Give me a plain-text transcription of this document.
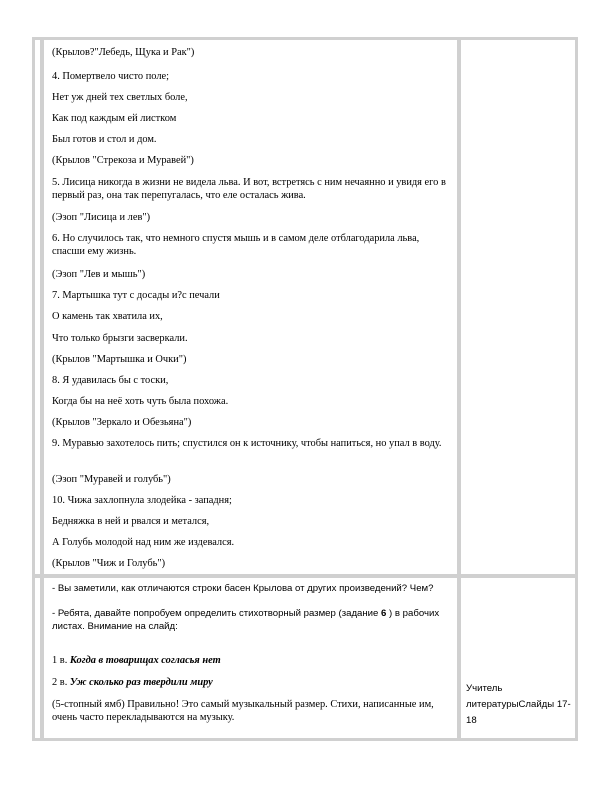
(Крылов?"Лебедь, Щука и Рак")
4. Помертвело чисто поле;
Нет уж дней тех светлых боле,
Как под каждым ей листком
Был готов и стол и дом.
(Крылов "Стрекоза и Муравей")
5. Лисица никогда в жизни не видела льва. И вот, встретясь с ним нечаянно и увидя его в первый раз, она так перепугалась, что еле осталась жива.
(Эзоп "Лисица и лев")
6. Но случилось так, что немного спустя мышь и в самом деле отблагодарила льва, спасши ему жизнь.
(Эзоп "Лев и мышь")
7. Мартышка тут с досады и?с печали
О камень так хватила их,
Что только брызги засверкали.
(Крылов "Мартышка и Очки")
8. Я удавилась бы с тоски,
Когда бы на неё хоть чуть была похожа.
(Крылов "Зеркало и Обезьяна")
9. Муравью захотелось пить; спустился он к источнику, чтобы напиться, но упал в воду.
(Эзоп "Муравей и голубь")
10. Чижа захлопнула злодейка - западня;
Бедняжка в ней и рвался и метался,
А Голубь молодой над ним же издевался.
(Крылов "Чиж и Голубь")
- Вы заметили, как отличаются строки басен Крылова от других произведений? Чем?
- Ребята, давайте попробуем определить стихотворный размер (задание 6 ) в рабочих листах. Внимание на слайд:
1 в. Когда в товарищах согласья нет
2 в. Уж сколько раз твердили миру
(5-стопный ямб) Правильно! Это самый музыкальный размер. Стихи, написанные им, очень часто перекладываются на музыку.
Учитель литературыСлайды 17-18
